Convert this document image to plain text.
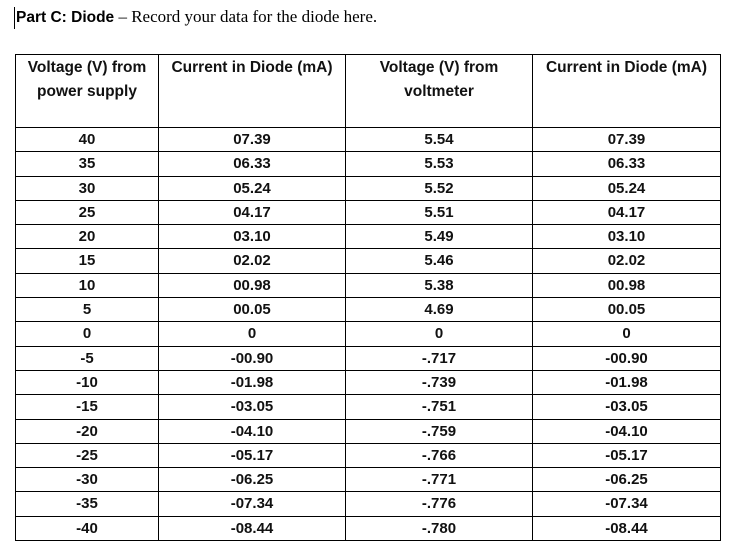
Part C: Diode – Record your data for the diode here.
Voltage (V) from power supply	Current in Diode (mA)	Voltage (V) from voltmeter	Current in Diode (mA)
40	07.39	5.54	07.39
35	06.33	5.53	06.33
30	05.24	5.52	05.24
25	04.17	5.51	04.17
20	03.10	5.49	03.10
15	02.02	5.46	02.02
10	00.98	5.38	00.98
5	00.05	4.69	00.05
0	0	0	0
-5	-00.90	-.717	-00.90
-10	-01.98	-.739	-01.98
-15	-03.05	-.751	-03.05
-20	-04.10	-.759	-04.10
-25	-05.17	-.766	-05.17
-30	-06.25	-.771	-06.25
-35	-07.34	-.776	-07.34
-40	-08.44	-.780	-08.44
